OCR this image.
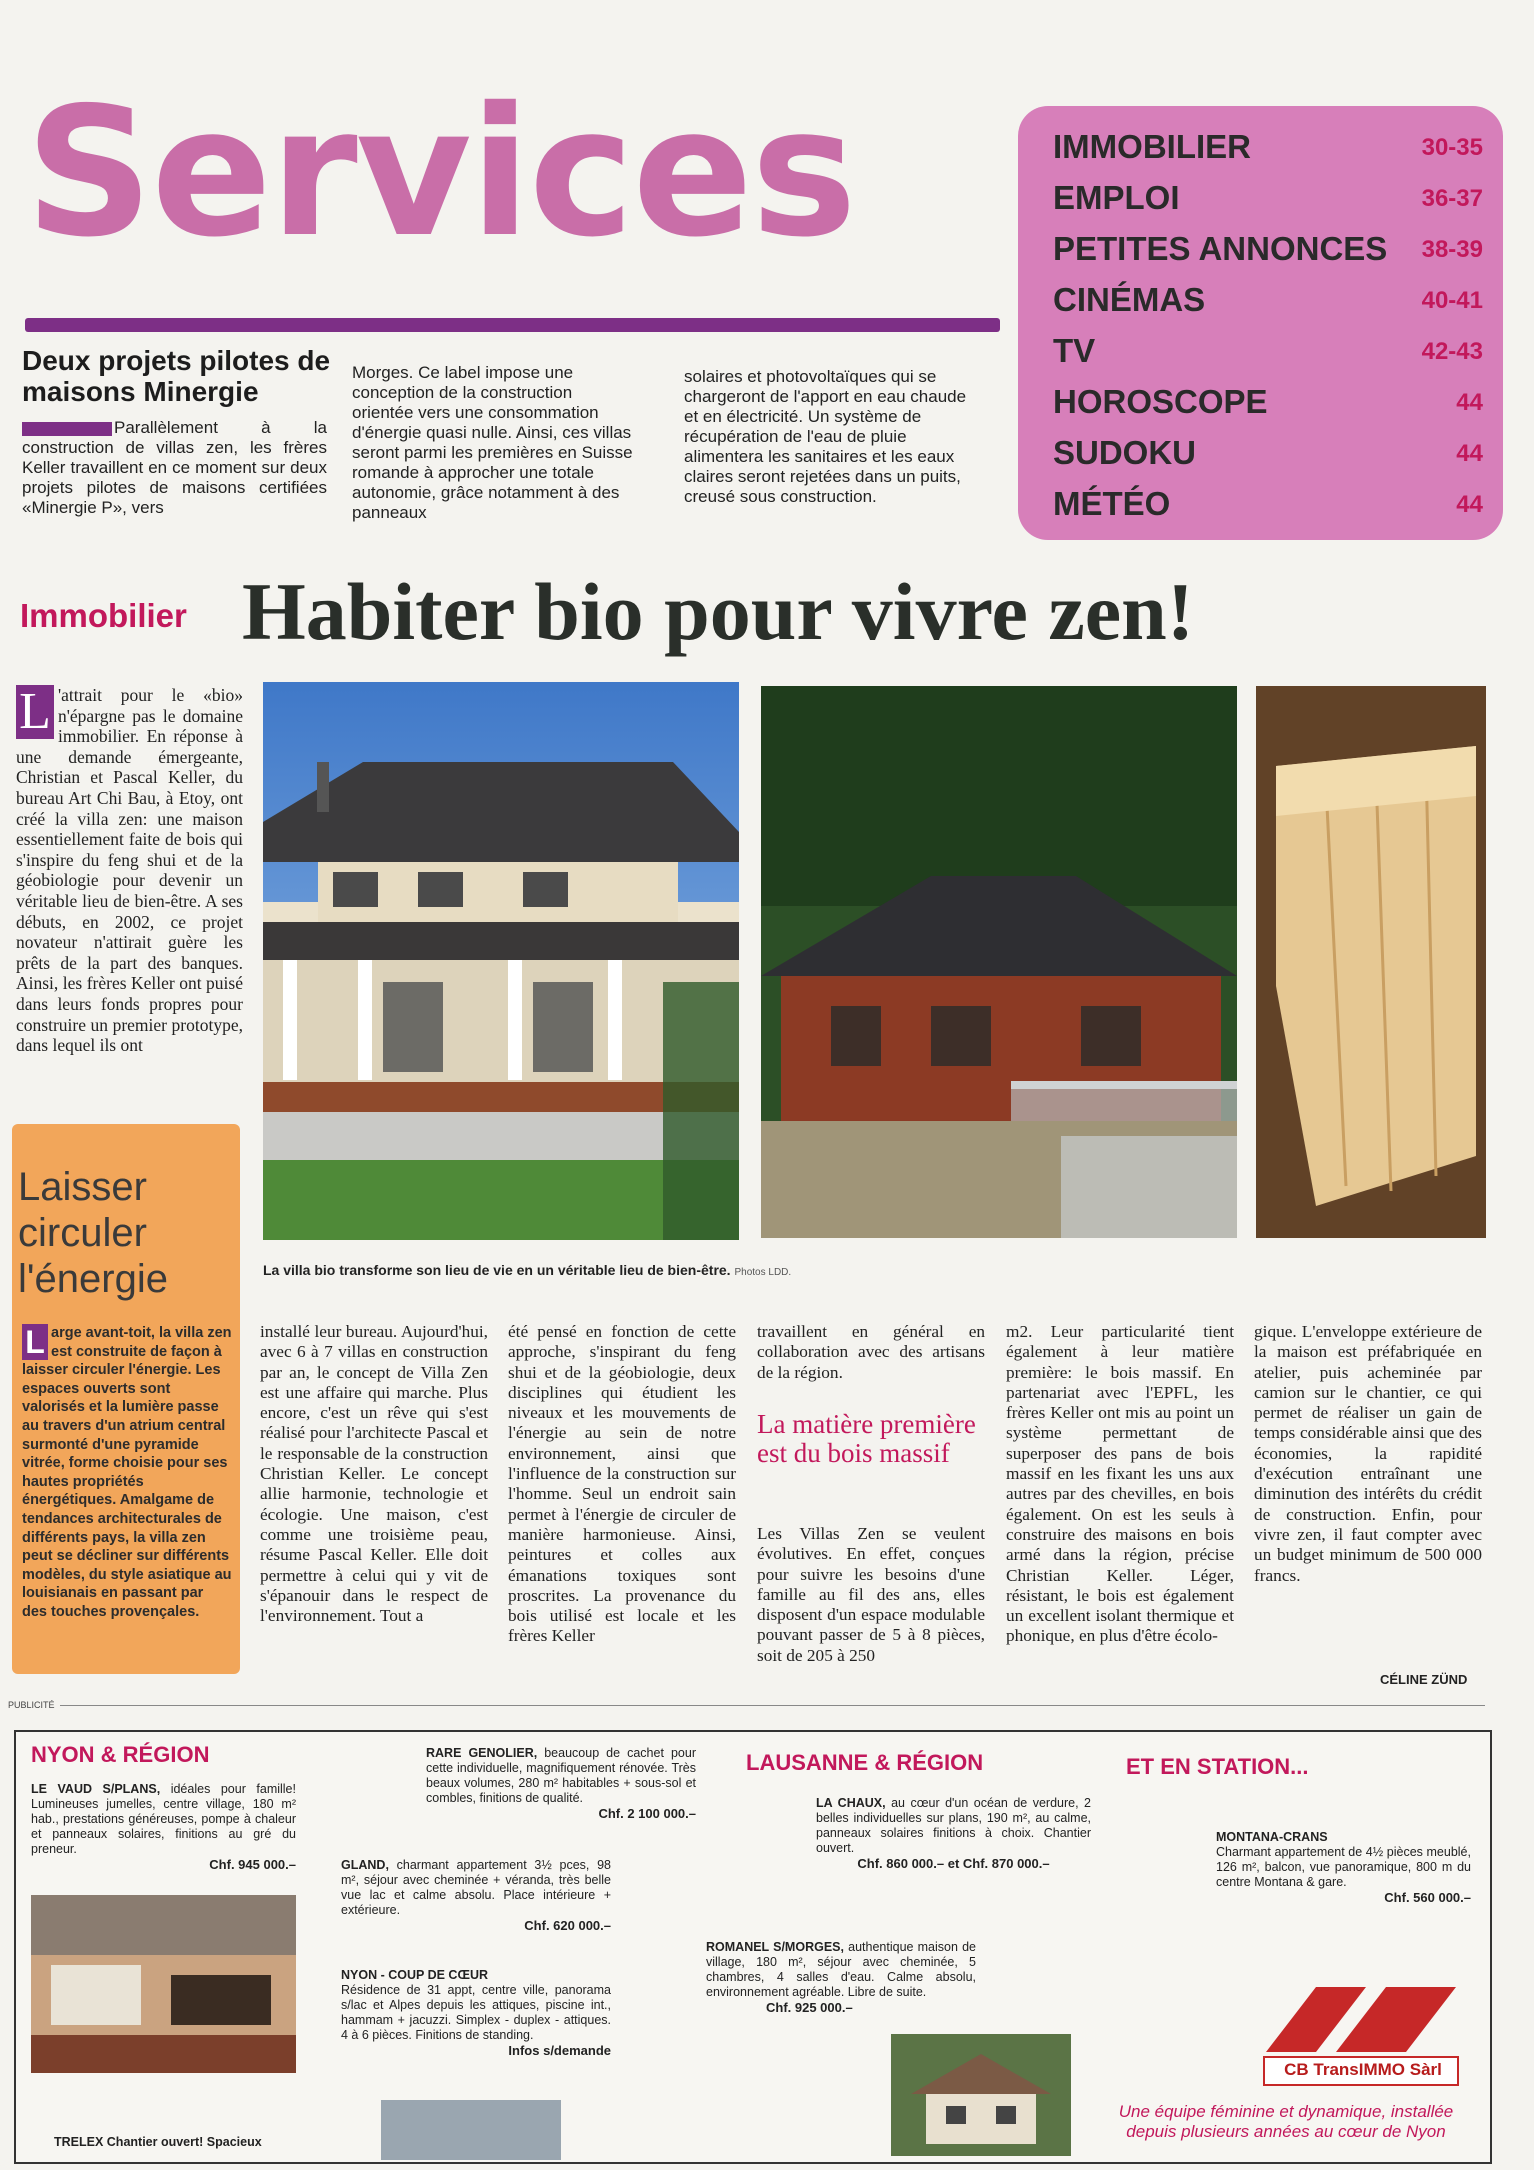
Services	IMMOBILIER	30-35
EMPLOI	36-37
PETITES ANNONCES 38-39
CINÉMAS	40-41
TV	42-43
HOROSCOPE	44
SUDOKU	44
MÉTÉO	44
Deux projets pilotes de maisons Minergie
Parallèlement à la construction de villas zen, les frères Keller travaillent en ce moment sur deux projets pilotes de maisons certifiées «Minergie P», vers
Morges. Ce label impose une conception de la construction orientée vers une consommation d'énergie quasi nulle. Ainsi, ces villas seront parmi les premières en Suisse romande à approcher une totale autonomie, grâce notamment à des panneaux
solaires et photovoltaïques qui se chargeront de l'apport en eau chaude et en électricité. Un système de récupération de l'eau de pluie alimentera les sanitaires et les eaux claires seront rejetées dans un puits, creusé sous construction.
Immobilier Habiter bio pour vivre zen!
L 'attrait pour le «bio» n'épargne pas le domaine immobilier. En réponse à une demande émergeante, Christian et Pascal Keller, du bureau Art Chi Bau, à Etoy, ont créé la villa zen: une maison essentiellement faite de bois qui s'inspire du feng shui et de la géobiologie pour devenir un véritable lieu de bien-être. A ses débuts, en 2002, ce projet novateur n'attirait guère les prêts de la part des banques. Ainsi, les frères Keller ont puisé dans leurs fonds propres pour construire un premier prototype, dans lequel ils ont
La villa bio transforme son lieu de vie en un véritable lieu de bien-être. Photos LDD.
Laisser circuler l'énergie
L arge avant-toit, la villa zen est construite de façon à laisser circuler l'énergie. Les espaces ouverts sont valorisés et la lumière passe au travers d'un atrium central surmonté d'une pyramide vitrée, forme choisie pour ses hautes propriétés énergétiques. Amalgame de tendances architecturales de différents pays, la villa zen peut se décliner sur différents modèles, du style asiatique au louisianais en passant par des touches provençales.
installé leur bureau. Aujourd'hui, avec 6 à 7 villas en construction par an, le concept de Villa Zen est une affaire qui marche. Plus encore, c'est un rêve qui s'est réalisé pour l'architecte Pascal et le responsable de la construction Christian Keller. Le concept allie harmonie, technologie et écologie. Une maison, c'est comme une troisième peau, résume Pascal Keller. Elle doit permettre à celui qui y vit de s'épanouir dans le respect de l'environnement. Tout a
été pensé en fonction de cette approche, s'inspirant du feng shui et de la géobiologie, deux disciplines qui étudient les niveaux et les mouvements de l'énergie au sein de notre environnement, ainsi que l'influence de la construction sur l'homme. Seul un endroit sain permet à l'énergie de circuler de manière harmonieuse. Ainsi, peintures et colles aux émanations toxiques sont proscrites. La provenance du bois utilisé est locale et les frères Keller
travaillent en général en collaboration avec des artisans de la région.
La matière première est du bois massif
Les Villas Zen se veulent évolutives. En effet, conçues pour suivre les besoins d'une famille au fil des ans, elles disposent d'un espace modulable pouvant passer de 5 à 8 pièces, soit de 205 à 250
m2. Leur particularité tient également à leur matière première: le bois massif. En partenariat avec l'EPFL, les frères Keller ont mis au point un système permettant de superposer des pans de bois massif en les fixant les uns aux autres par des chevilles, en bois également. On est les seuls à construire des maisons en bois armé dans la région, précise Christian Keller. Léger, résistant, le bois est également un excellent isolant thermique et phonique, en plus d'être écolo-
gique. L'enveloppe extérieure de la maison est préfabriquée en atelier, puis acheminée par camion sur le chantier, ce qui permet de réaliser un gain de temps considérable ainsi que des économies, la rapidité d'exécution entraînant une diminution des intérêts du crédit de construction. Enfin, pour vivre zen, il faut compter avec un budget minimum de 500 000 francs.
CÉLINE ZÜND
PUBLICITÉ
NYON & RÉGION	LAUSANNE & RÉGION	ET EN STATION...
LE VAUD S/PLANS, idéales pour famille! Lumineuses jumelles, centre village, 180 m² hab., prestations généreuses, pompe à chaleur et panneaux solaires, finitions au gré du preneur.
Chf. 945 000.–
RARE GENOLIER, beaucoup de cachet pour cette individuelle, magnifiquement rénovée. Très beaux volumes, 280 m² habitables + sous-sol et combles, finitions de qualité.
Chf. 2 100 000.–
GLAND, charmant appartement 3½ pces, 98 m², séjour avec cheminée + véranda, très belle vue lac et calme absolu. Place intérieure + extérieure.
Chf. 620 000.–
NYON - COUP DE CŒUR
Résidence de 31 appt, centre ville, panorama s/lac et Alpes depuis les attiques, piscine int., hammam + jacuzzi. Simplex - duplex - attiques. 4 à 6 pièces. Finitions de standing.
Infos s/demande
TRELEX Chantier ouvert! Spacieux
LA CHAUX, au cœur d'un océan de verdure, 2 belles individuelles sur plans, 190 m², au calme, panneaux solaires finitions à choix. Chantier ouvert.
Chf. 860 000.– et Chf. 870 000.–
ROMANEL S/MORGES, authentique maison de village, 180 m², séjour avec cheminée, 5 chambres, 4 salles d'eau. Calme absolu, environnement agréable. Libre de suite.
Chf. 925 000.–
MONTANA-CRANS
Charmant appartement de 4½ pièces meublé, 126 m², balcon, vue panoramique, 800 m du centre Montana & gare.
Chf. 560 000.–
CB TransIMMO Sàrl
Une équipe féminine et dynamique, installée depuis plusieurs années au cœur de Nyon
